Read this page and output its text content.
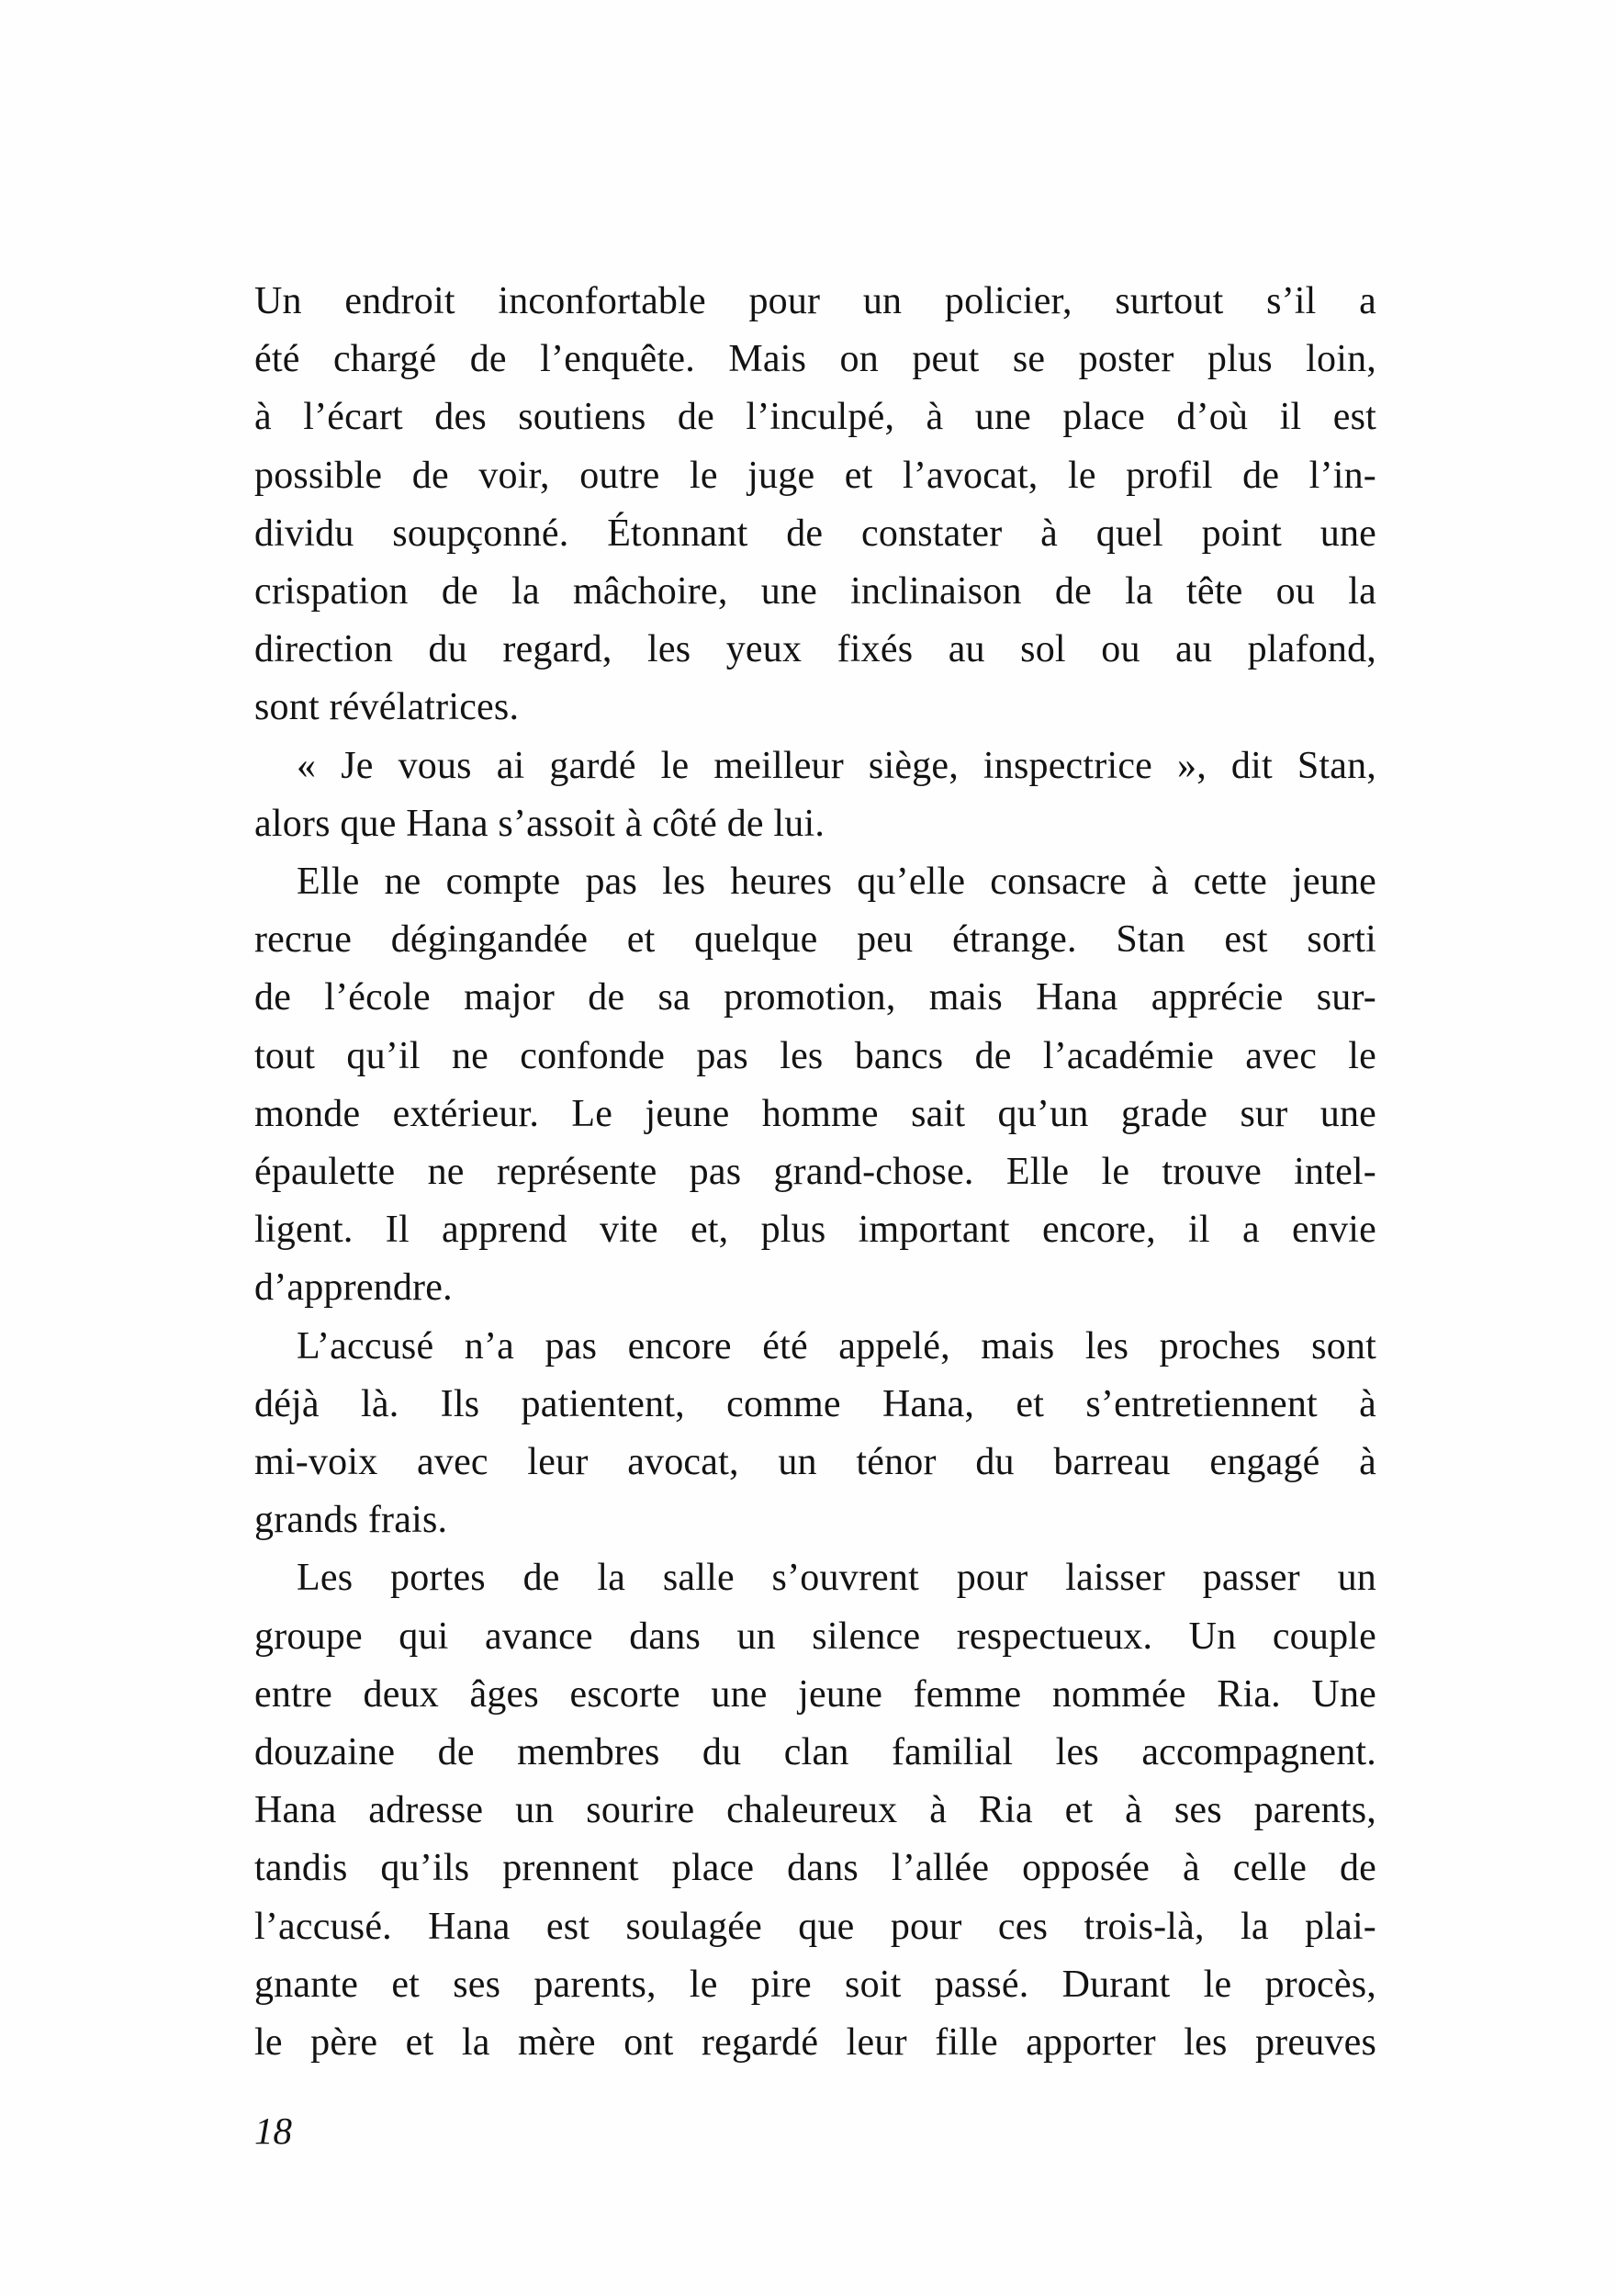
Un endroit inconfortable pour un policier, surtout s’il a
été chargé de l’enquête. Mais on peut se poster plus loin,
à l’écart des soutiens de l’inculpé, à une place d’où il est
possible de voir, outre le juge et l’avocat, le profil de l’in-
dividu soupçonné. Étonnant de constater à quel point une
crispation de la mâchoire, une inclinaison de la tête ou la
direction du regard, les yeux fixés au sol ou au plafond,
sont révélatrices.
« Je vous ai gardé le meilleur siège, inspectrice », dit Stan,
alors que Hana s’assoit à côté de lui.
Elle ne compte pas les heures qu’elle consacre à cette jeune
recrue dégingandée et quelque peu étrange. Stan est sorti
de l’école major de sa promotion, mais Hana apprécie sur-
tout qu’il ne confonde pas les bancs de l’académie avec le
monde extérieur. Le jeune homme sait qu’un grade sur une
épaulette ne représente pas grand-chose. Elle le trouve intel-
ligent. Il apprend vite et, plus important encore, il a envie
d’apprendre.
L’accusé n’a pas encore été appelé, mais les proches sont
déjà là. Ils patientent, comme Hana, et s’entretiennent à
mi-voix avec leur avocat, un ténor du barreau engagé à
grands frais.
Les portes de la salle s’ouvrent pour laisser passer un
groupe qui avance dans un silence respectueux. Un couple
entre deux âges escorte une jeune femme nommée Ria. Une
douzaine de membres du clan familial les accompagnent.
Hana adresse un sourire chaleureux à Ria et à ses parents,
tandis qu’ils prennent place dans l’allée opposée à celle de
l’accusé. Hana est soulagée que pour ces trois-là, la plai-
gnante et ses parents, le pire soit passé. Durant le procès,
le père et la mère ont regardé leur fille apporter les preuves
18
